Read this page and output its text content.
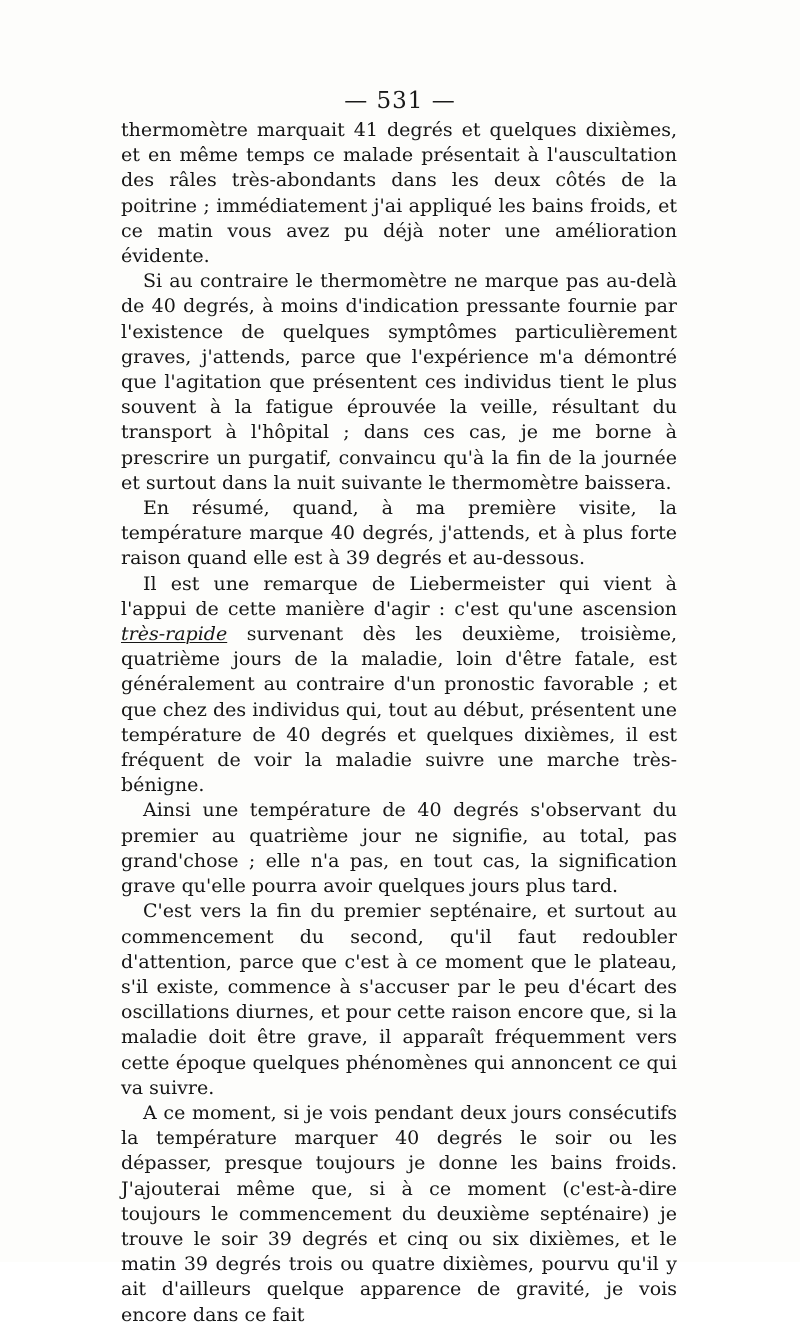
— 531 —

thermomètre marquait 41 degrés et quelques dixièmes, et en même temps ce malade présentait à l'auscultation des râles très-abondants dans les deux côtés de la poitrine ; immédiatement j'ai appliqué les bains froids, et ce matin vous avez pu déjà noter une amélioration évidente.

Si au contraire le thermomètre ne marque pas au-delà de 40 degrés, à moins d'indication pressante fournie par l'existence de quelques symptômes particulièrement graves, j'attends, parce que l'expérience m'a démontré que l'agitation que présentent ces individus tient le plus souvent à la fatigue éprouvée la veille, résultant du transport à l'hôpital ; dans ces cas, je me borne à prescrire un purgatif, convaincu qu'à la fin de la journée et surtout dans la nuit suivante le thermomètre baissera.

En résumé, quand, à ma première visite, la température marque 40 degrés, j'attends, et à plus forte raison quand elle est à 39 degrés et au-dessous.

Il est une remarque de Liebermeister qui vient à l'appui de cette manière d'agir : c'est qu'une ascension très-rapide survenant dès les deuxième, troisième, quatrième jours de la maladie, loin d'être fatale, est généralement au contraire d'un pronostic favorable ; et que chez des individus qui, tout au début, présentent une température de 40 degrés et quelques dixièmes, il est fréquent de voir la maladie suivre une marche très-bénigne.

Ainsi une température de 40 degrés s'observant du premier au quatrième jour ne signifie, au total, pas grand'chose ; elle n'a pas, en tout cas, la signification grave qu'elle pourra avoir quelques jours plus tard.

C'est vers la fin du premier septénaire, et surtout au commencement du second, qu'il faut redoubler d'attention, parce que c'est à ce moment que le plateau, s'il existe, commence à s'accuser par le peu d'écart des oscillations diurnes, et pour cette raison encore que, si la maladie doit être grave, il apparaît fréquemment vers cette époque quelques phénomènes qui annoncent ce qui va suivre.

A ce moment, si je vois pendant deux jours consécutifs la température marquer 40 degrés le soir ou les dépasser, presque toujours je donne les bains froids. J'ajouterai même que, si à ce moment (c'est-à-dire toujours le commencement du deuxième septénaire) je trouve le soir 39 degrés et cinq ou six dixièmes, et le matin 39 degrés trois ou quatre dixièmes, pourvu qu'il y ait d'ailleurs quelque apparence de gravité, je vois encore dans ce fait
